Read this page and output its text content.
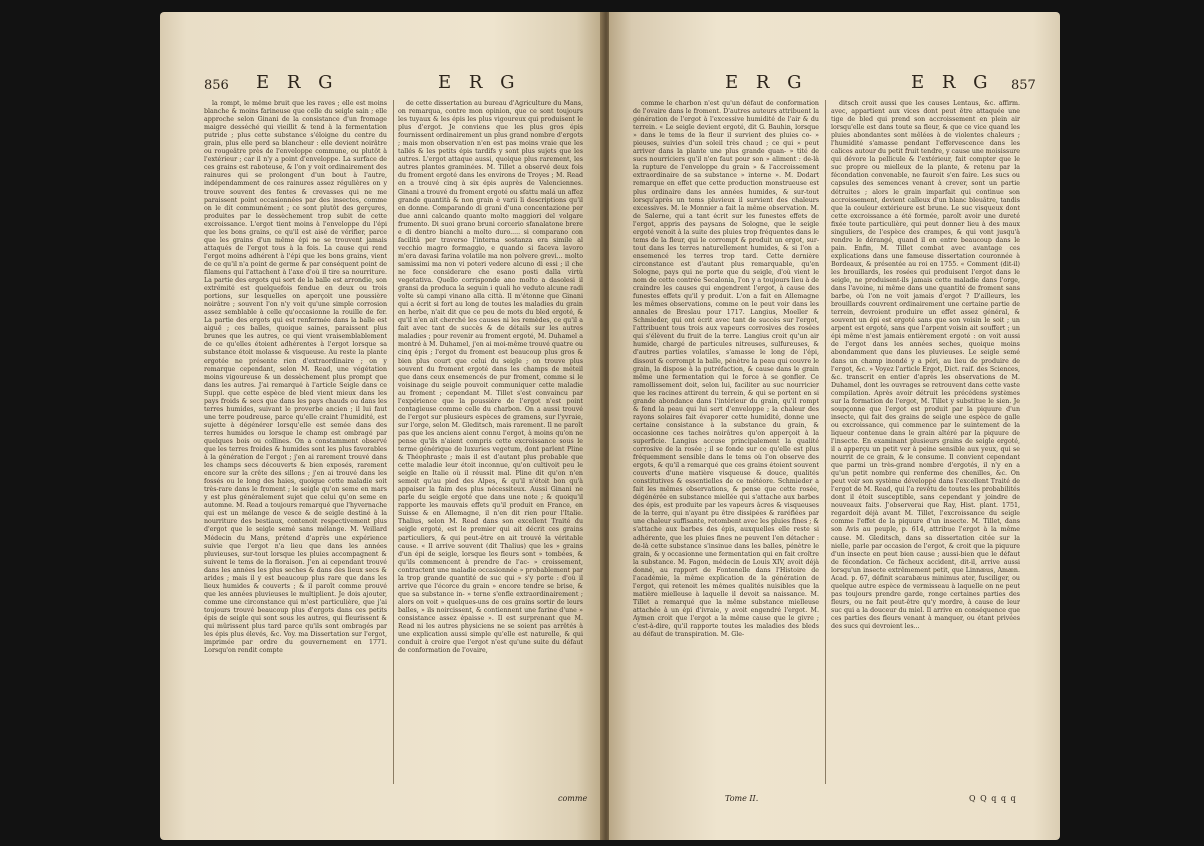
856 E R G	E R G

la rompt, le même bruit que les raves ; elle est moins blanche & moins farineuse que celle du seigle sain ; elle approche selon Ginani de la consistance d'un fromage maigre desséché qui vieillit & tend à la fermentation putride ; plus cette substance s'éloigne du centre du grain, plus elle perd sa blancheur : elle devient noirâtre ou rougeâtre près de l'enveloppe commune, ou plutôt à l'extérieur ; car il n'y a point d'enveloppe. La surface de ces grains est raboteuse, & l'on y voit ordinairement des rainures qui se prolongent d'un bout à l'autre, indépendamment de ces rainures assez régulières on y trouve souvent des fentes & crevasses qui ne me paraissent point occasionnées par des insectes, comme on le dit communément ; ce sont plutôt des gerçures, produites par le dessèchement trop subit de cette excroissance. L'ergot tient moins à l'enveloppe du l'épi que les bons grains, ce qu'il est aisé de vérifier, parce que les grains d'un même épi ne se trouvent jamais attaqués de l'ergot tous à la fois. La cause qui rend l'ergot moins adhérent à l'épi que les bons grains, vient de ce qu'il n'a point de germe & par conséquent point de filamens qui l'attachent à l'axe d'où il tire sa nourriture. La partie des ergots qui sort de la balle est arrondie, son extrémité est quelquefois fendue en deux ou trois portions, sur lesquelles on aperçoit une poussière noirâtre ; souvent l'on n'y voit qu'une simple corrosion assez semblable à celle qu'occasionne la rouille de fer. La partie des ergots qui est renfermée dans la balle est aiguë ; ces balles, quoique saines, paraissent plus brunes que les autres, ce qui vient vraisemblablement de ce qu'elles étoient adhérentes à l'ergot lorsque sa substance étoit molasse & visqueuse. Au reste la plante ergotée ne présente rien d'extraordinaire ; on y remarque cependant, selon M. Read, une végétation moins vigoureuse & un dessèchement plus prompt que dans les autres. J'ai remarqué à l'article Seigle dans ce Suppl. que cette espèce de bled vient mieux dans les pays froids & secs que dans les pays chauds ou dans les terres humides, suivant le proverbe ancien ; il lui faut une terre poudreuse, parce qu'elle craint l'humidité, est sujette à dégénérer lorsqu'elle est semée dans des terres humides ou lorsque le champ est ombragé par quelques bois ou collines. On a constamment observé que les terres froides & humides sont les plus favorables à la génération de l'ergot ; j'en ai rarement trouvé dans les champs secs découverts & bien exposés, rarement encore sur la crête des sillons ; j'en ai trouvé dans les fossés ou le long des haies, quoique cette maladie soit très-rare dans le froment ; le seigle qu'on seme en mars y est plus généralement sujet que celui qu'on seme en automne. M. Read a toujours remarqué que l'hyvernache qui est un mélange de vesce & de seigle destiné à la nourriture des bestiaux, contenoit respectivement plus d'ergot que le seigle semé sans mélange. M. Veillard Médecin du Mans, prétend d'après une expérience suivie que l'ergot n'a lieu que dans les années pluvieuses, sur-tout lorsque les pluies accompagnent & suivent le tems de la floraison. J'en ai cependant trouvé dans les années les plus seches & dans des lieux secs & arides ; mais il y est beaucoup plus rare que dans les lieux humides & couverts ; & il paroît comme prouvé que les années pluvieuses le multiplient. Je dois ajouter, comme une circonstance qui m'est particulière, que j'ai toujours trouvé beaucoup plus d'ergots dans ces petits épis de seigle qui sont sous les autres, qui fleurissent & qui mûrissent plus tard parce qu'ils sont ombragés par les épis plus élevés, &c. Voy. ma Dissertation sur l'ergot, imprimée par ordre du gouvernement en 1771. Lorsqu'on rendit compte

de cette dissertation au bureau d'Agriculture du Mans, on remarqua, contre mon opinion, que ce sont toujours les tuyaux & les épis les plus vigoureux qui produisent le plus d'ergot. Je conviens que les plus gros épis fournissent ordinairement un plus grand nombre d'ergots ; mais mon observation n'en est pas moins vraie que les tallés & les petits épis tardifs y sont plus sujets que les autres. L'ergot attaque aussi, quoique plus rarement, les autres plantes graminées. M. Tillet a observé deux fois du froment ergoté dans les environs de Troyes ; M. Read en a trouvé cinq à six épis auprès de Valenciennes. Ginani a trouvé du froment ergoté ou sfattu malá un affez grande quantità & non grain è varii li descriptions qu'il en donne. Comparando di grani d'una concentazione per due anni calcando quanto molto maggiori del volgare frumento. Di suoi grano bruni corcerio sfanalatone brere e di dentro bianchi a molto duro..... si comparano con facilità per traverso l'interna sostanza era simile al vecchio magro formaggio, e quando si faceva lavoro m'era davasi farina volatile ma non polvere grevi... molto samissimi ma non vi poteri vedere alcuno di essi ; il che ne fece considerare che esano posti dalla virtù vegetativa. Quello corrisponde ano molto a dasolesi il gransi da produca la seguin i quali ho veduto alcune radi volte sù campi vinano alla città. Il m'étonne que Ginani qui a écrit si fort au long de toutes les maladies du grain en herbe, n'ait dit que ce peu de mots du bled ergoté, & qu'il n'en ait cherché les causes ni les remèdes, ce qu'il a fait avec tant de succès & de détails sur les autres maladies ; pour revenir au froment ergoté, M. Duhamel a montré à M. Duhamel, j'en ai moi-même trouvé quatre ou cinq épis ; l'ergot du froment est beaucoup plus gros & bien plus court que celui du seigle ; on trouve plus souvent du froment ergoté dans les champs de méteil que dans ceux ensemencés de pur froment, comme si le voisinage du seigle pouvoit communiquer cette maladie au froment ; cependant M. Tillet s'est convaincu par l'expérience que la poussière de l'ergot n'est point contagieuse comme celle du charbon. On a aussi trouvé de l'ergot sur plusieurs espèces de gramens, sur l'yvraie, sur l'orge, selon M. Gleditsch, mais rarement. Il ne paroît pas que les anciens aient connu l'ergot, à moins qu'on ne pense qu'ils n'aient compris cette excroissance sous le terme générique de luxuries vegetum, dont parlent Pline & Théophraste ; mais il est d'autant plus probable que cette maladie leur étoit inconnue, qu'on cultivoit peu le seigle en Italie où il réussit mal. Pline dit qu'on n'en semoit qu'au pied des Alpes, & qu'il n'étoit bon qu'à appaiser la faim des plus nécessiteux. Aussi Ginani ne parle du seigle ergoté que dans une note ; & quoiqu'il rapporte les mauvais effets qu'il produit en France, en Suisse & en Allemagne, il n'en dit rien pour l'Italie. Thalius, selon M. Read dans son excellent Traité du seigle ergoté, est le premier qui ait décrit ces grains particuliers, & qui peut-être en ait trouvé la véritable cause. « Il arrive souvent (dit Thalius) que les » grains d'un épi de seigle, lorsque les fleurs sont » tombées, & qu'ils commencent à prendre de l'ac- » croissement, contractent une maladie occasionnée » probablement par la trop grande quantité de suc qui » s'y porte : d'où il arrive que l'écorce du grain » encore tendre se brise, & que sa substance in- » terne s'enfle extraordinairement ; alors on voit » quelques-uns de ces grains sortir de leurs balles, » ils noircissent, & contiennent une farine d'une » consistance assez épaisse ». Il est surprenant que M. Read ni les autres physiciens ne se soient pas arrêtés à une explication aussi simple qu'elle est naturelle, & qui conduit à croire que l'ergot n'est qu'une suite du défaut de conformation de l'ovaire,

comme
E R G	E R G 857

comme le charbon n'est qu'un défaut de conformation de l'ovaire dans le froment. D'autres auteurs attribuent la génération de l'ergot à l'excessive humidité de l'air & du terrein. « Le seigle devient ergoté, dit G. Bauhin, lorsque » dans le tems de la fleur il survient des pluies co- » pieuses, suivies d'un soleil très chaud ; ce qui » peut arriver dans la plante une plus grande quan- » tité de sucs nourriciers qu'il n'en faut pour son » aliment : de-là la rupture de l'enveloppe du grain » & l'accroissement extraordinaire de sa substance » interne ». M. Dodart remarque en effet que cette production monstrueuse est plus ordinaire dans les années humides, & sur-tout lorsqu'après un tems pluvieux il survient des chaleurs excessives. M. le Monnier a fait la même observation. M. de Salerne, qui a tant écrit sur les funestes effets de l'ergot, appris des paysans de Sologne, que le seigle ergoté venoit à la suite des pluies trop fréquentes dans le tems de la fleur, qui le corrompt & produit un ergot, sur-tout dans les terres naturellement humides, & si l'on a ensemencé les terres trop tard. Cette dernière circonstance est d'autant plus remarquable, qu'en Sologne, pays qui ne porte que du seigle, d'où vient le nom de cette contrée Secalonia, l'on y a toujours lieu à de craindre les causes qui engendrent l'ergot, à cause des funestes effets qu'il y produit. L'on a fait en Allemagne les mêmes observations, comme on le peut voir dans les annales de Breslau pour 1717. Langius, Moeller & Schmieder, qui ont écrit avec tant de succès sur l'ergot, l'attribuent tous trois aux vapeurs corrosives des rosées qui s'élèvent du fruit de la terre. Langius croit qu'un air humide, chargé de particules nitreuses, sulfureuses, & d'autres parties volatiles, s'amasse le long de l'épi, dissout & corrompt la balle, pénètre la peau qui couvre le grain, la dispose à la putréfaction, & cause dans le grain même une fermentation qui le force à se gonfler. Ce ramollissement doit, selon lui, faciliter au suc nourricier que les racines attirent du terrein, & qui se portent en si grande abondance dans l'intérieur du grain, qu'il rompt & fend la peau qui lui sert d'enveloppe ; la chaleur des rayons solaires fait évaporer cette humidité, donne une certaine consistance à la substance du grain, & occasionne ces taches noirâtres qu'on apperçoit à la superficie. Langius accuse principalement la qualité corrosive de la rosée ; il se fonde sur ce qu'elle est plus fréquemment sensible dans le tems où l'on observe des ergots, & qu'il a remarqué que ces grains étoient souvent couverts d'une matière visqueuse & douce, qualités constitutives & essentielles de ce météore. Schmieder a fait les mêmes observations, & pense que cette rosée, dégénérée en substance miellée qui s'attache aux barbes des épis, est produite par les vapeurs âcres & visqueuses de la terre, qui n'ayant pu être dissipées & raréfiées par une chaleur suffisante, retombent avec les pluies fines ; & s'attache aux barbes des épis, auxquelles elle reste si adhérente, que les pluies fines ne peuvent l'en détacher : de-là cette substance s'insinue dans les balles, pénètre le grain, & y occasionne une fermentation qui en fait croître la substance. M. Fagon, médecin de Louis XIV, avoit déjà donné, au rapport de Fontenelle dans l'Histoire de l'académie, la même explication de la génération de l'ergot, qui retenoit les mêmes qualités nuisibles que la matière mielleuse à laquelle il devoit sa naissance. M. Tillet a remarqué que la même substance mielleuse attachée à un épi d'ivraie, y avoit engendré l'ergot. M. Aymen croit que l'ergot a la même cause que le givre ; c'est-à-dire, qu'il rapporte toutes les maladies des bleds au défaut de transpiration. M. Gle-

ditsch croit aussi que les causes Lentaus, &c. affirm. avec, appartient aux vices dont peut être attaquée une tige de bled qui prend son accroissement en plein air lorsqu'elle est dans toute sa fleur, & que ce vice quand les pluies abondantes sont mêlées à de violentes chaleurs ; l'humidité s'amasse pendant l'effervescence dans les calices autour du petit fruit tendre, y cause une moisissure qui dévore la pellicule & l'extérieur, fait compter que le suc propre ou mielleux de la plante, & retenu par la fécondation convenable, ne fauroit s'en faire. Les sucs ou capsules des semences venant à crever, sont un partie détruites ; alors le grain imparfait qui continue son accroissement, devient calleux d'un blanc bleuâtre, tandis que la couleur extérieure est brune. Le suc visqueux dont cette excroissance a été formée, paroît avoir une dureté fixée toute particulière, qui peut donner lieu à des maux singuliers, de l'espèce des crampes, & qui vont jusqu'à rendre le dérangé, quand il en entre beaucoup dans le pain. Enfin, M. Tillet combat avec avantage ces explications dans une fameuse dissertation couronnée à Bordeaux, & présentée au roi en 1755. « Comment (dit-il) les brouillards, les rosées qui produisent l'ergot dans le seigle, ne produisent-ils jamais cette maladie dans l'orge, dans l'avoine, ni même dans une quantité de froment sans barbe, où l'on ne voit jamais d'ergot ? D'ailleurs, les brouillards couvrent ordinairement une certaine partie de terrein, devroient produire un effet assez général, & souvent un épi est ergoté sans que son voisin le soit ; un arpent est ergoté, sans que l'arpent voisin ait souffert ; un épi même n'est jamais entièrement ergoté : on voit aussi de l'ergot dans les années seches, quoique moins abondamment que dans les pluvieuses. Le seigle semé dans un champ inondé y a péri, au lieu de produire de l'ergot, &c. » Voyez l'article Ergot, Dict. raif. des Sciences, &c. transcrit en entier d'après les observations de M. Duhamel, dont les ouvrages se retrouvent dans cette vaste compilation. Après avoir détruit les précédens systèmes sur la formation de l'ergot, M. Tillet y substitue le sien. Je soupçonne que l'ergot est produit par la piquure d'un insecte, qui fait des grains de seigle une espèce de galle ou excroissance, qui commence par le suintement de la liqueur contenue dans le grain altéré par la piquure de l'insecte. En examinant plusieurs grains de seigle ergoté, il a apperçu un petit ver à peine sensible aux yeux, qui se nourrit de ce grain, & le consume. Il convient cependant que parmi un très-grand nombre d'ergotés, il n'y en a qu'un petit nombre qui renferme des chenilles, &c. On peut voir son système développé dans l'excellent Traité de l'ergot de M. Read, qui l'a revêtu de toutes les probabilités dont il étoit susceptible, sans cependant y joindre de nouveaux faits. J'observerai que Ray, Hist. plant. 1751, regardoit déjà avant M. Tillet, l'excroissance du seigle comme l'effet de la piquure d'un insecte. M. Tillet, dans son Avis au peuple, p. 614, attribue l'ergot à la même cause. M. Gleditsch, dans sa dissertation citée sur la nielle, parle par occasion de l'ergot, & croit que la piquure d'un insecte en peut bien cause ; aussi-bien que le défaut de fécondation. Ce fâcheux accident, dit-il, arrive aussi lorsqu'un insecte extrêmement petit, que Linnæus, Amæn. Acad. p. 67, définit scarabæus minimus ater, fusciliger, ou quelque autre espèce de vermisseau à laquelle on ne peut pas toujours prendre garde, ronge certaines parties des fleurs, ou ne fait peut-être qu'y mordre, à cause de leur suc qui a la douceur du miel. Il arrive en conséquence que ces parties des fleurs venant à manquer, ou étant privées des sucs qui devroient les...

Tome II.	Q Q q q q
